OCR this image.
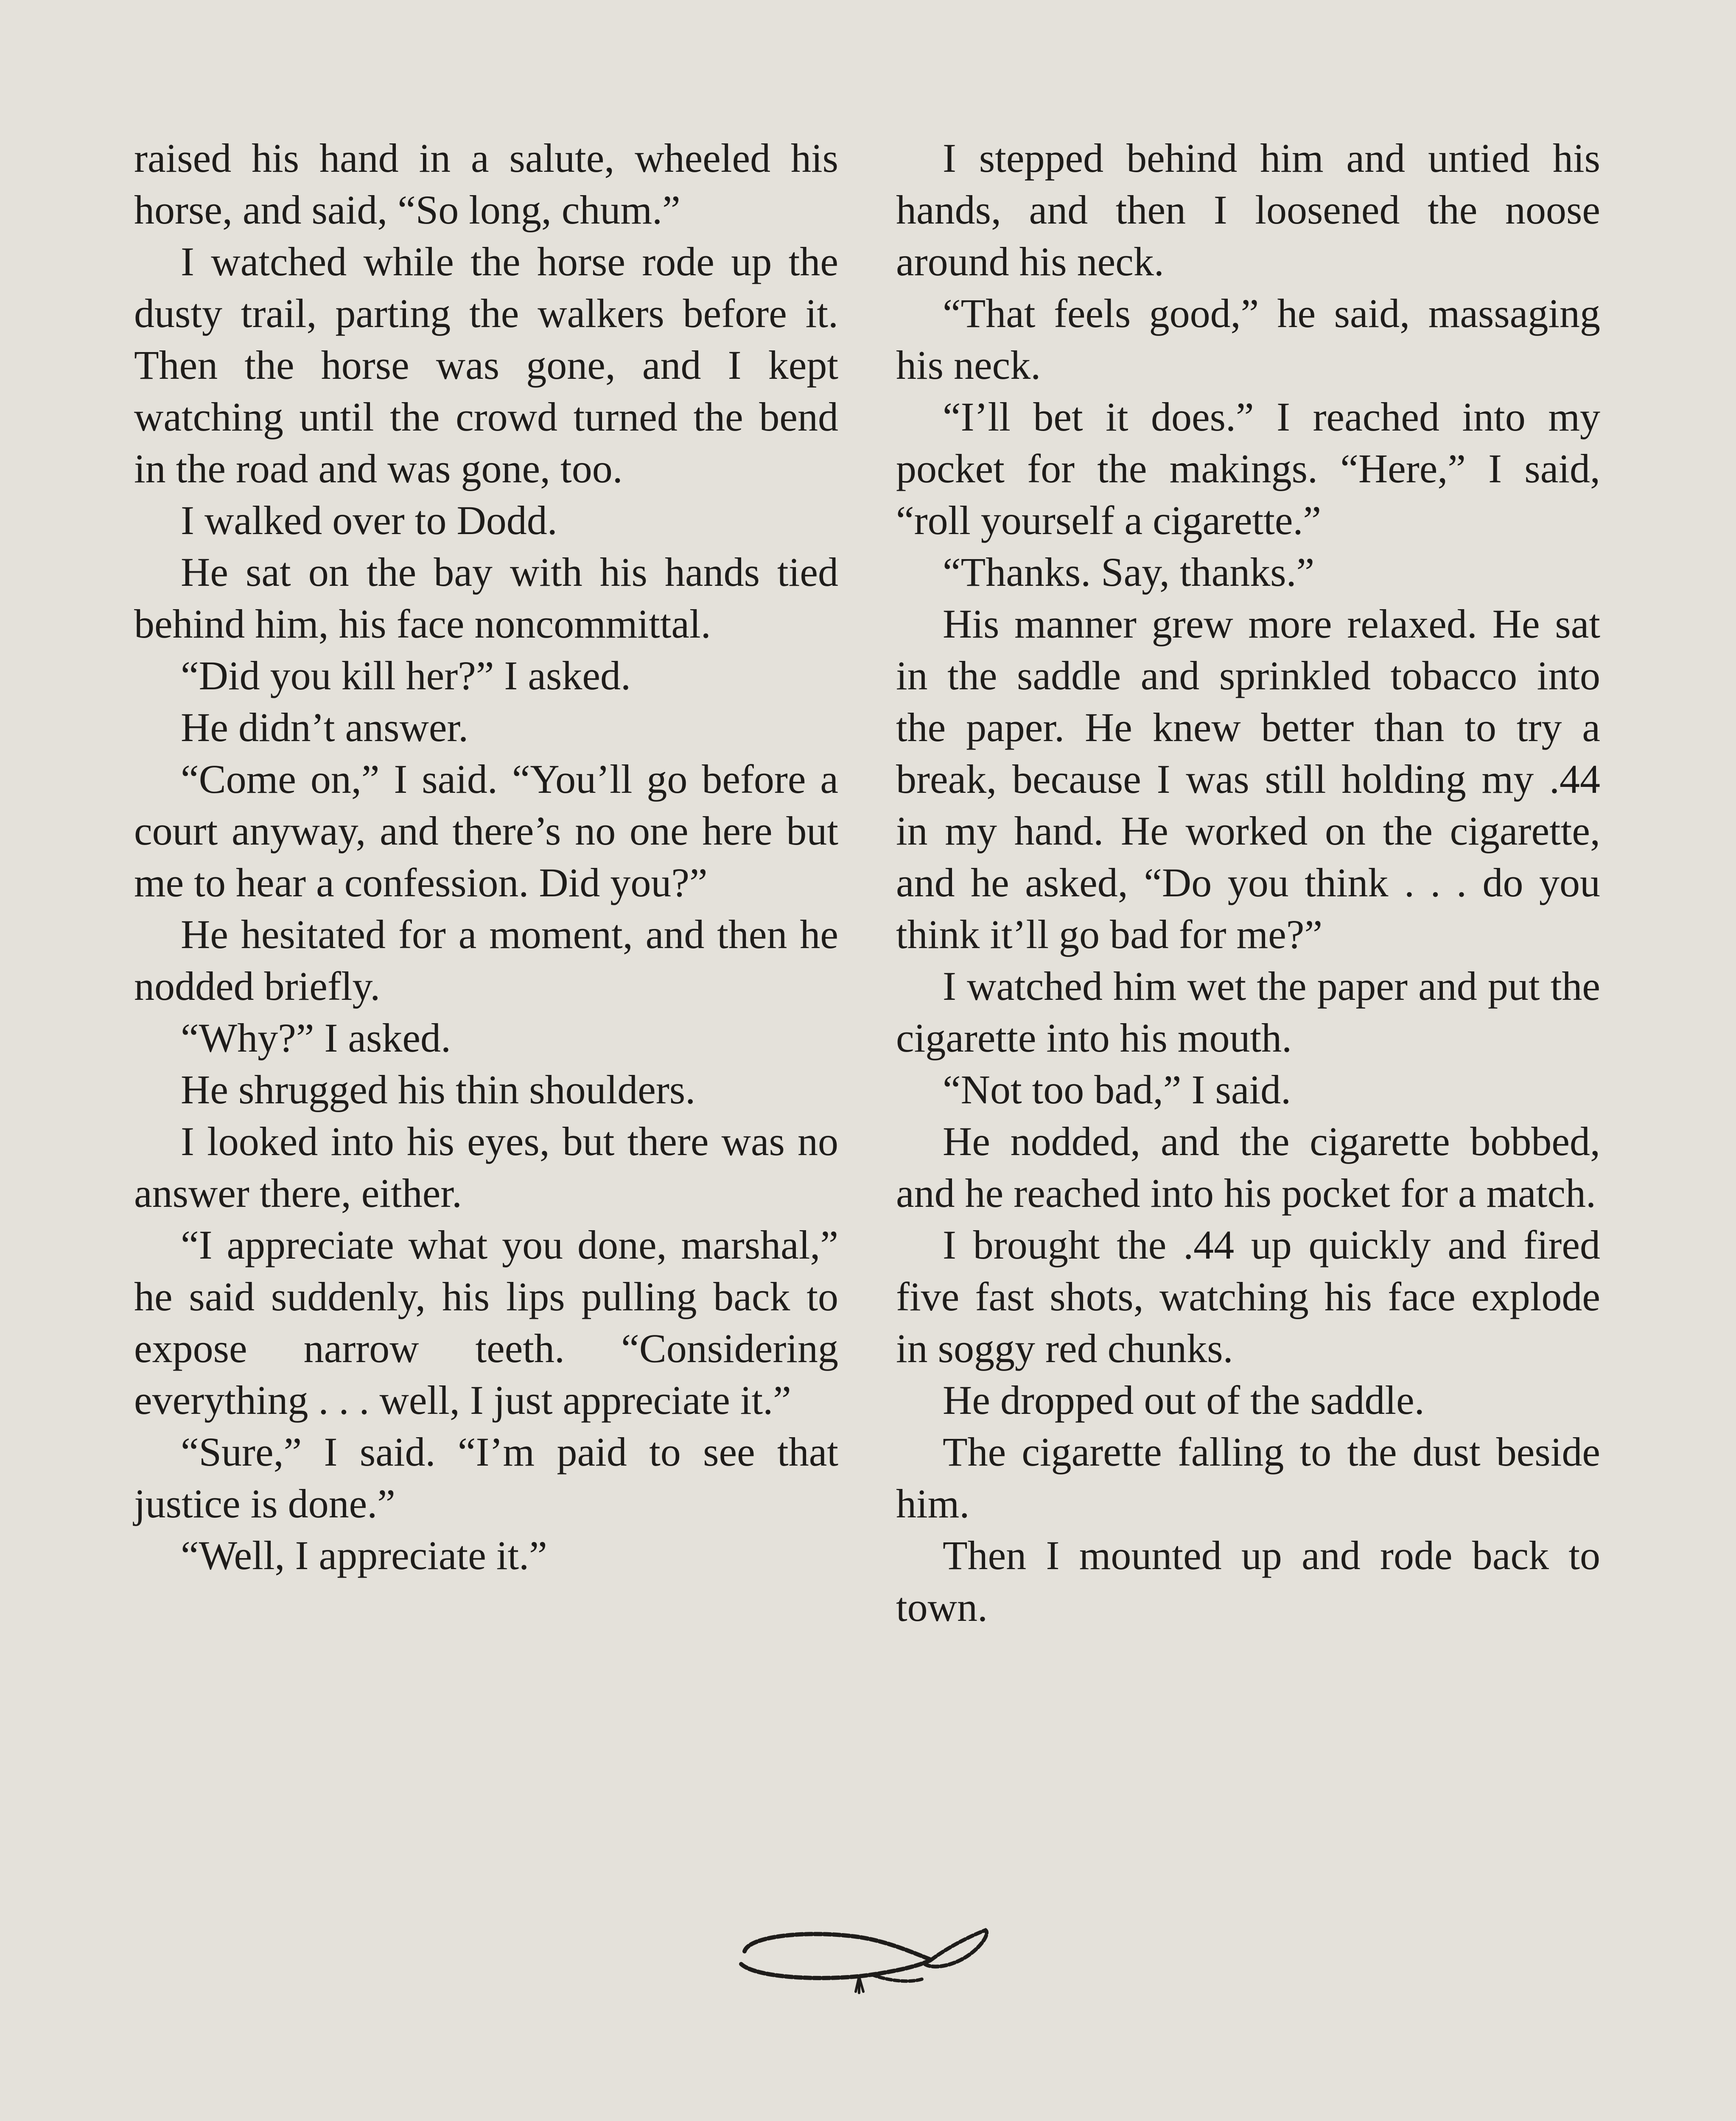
raised his hand in a salute, wheeled his horse, and said, “So long, chum.”

I watched while the horse rode up the dusty trail, parting the walkers before it. Then the horse was gone, and I kept watching until the crowd turned the bend in the road and was gone, too.

I walked over to Dodd.

He sat on the bay with his hands tied behind him, his face noncommittal.

“Did you kill her?” I asked.

He didn’t answer.

“Come on,” I said. “You’ll go before a court anyway, and there’s no one here but me to hear a confession. Did you?”

He hesitated for a moment, and then he nodded briefly.

“Why?” I asked.

He shrugged his thin shoulders.

I looked into his eyes, but there was no answer there, either.

“I appreciate what you done, marshal,” he said suddenly, his lips pulling back to expose narrow teeth. “Considering everything . . . well, I just appreciate it.”

“Sure,” I said. “I’m paid to see that justice is done.”

“Well, I appreciate it.”

I stepped behind him and untied his hands, and then I loosened the noose around his neck.

“That feels good,” he said, massaging his neck.

“I’ll bet it does.” I reached into my pocket for the makings. “Here,” I said, “roll yourself a cigarette.”

“Thanks. Say, thanks.”

His manner grew more relaxed. He sat in the saddle and sprinkled tobacco into the paper. He knew better than to try a break, because I was still holding my .44 in my hand. He worked on the cigarette, and he asked, “Do you think . . . do you think it’ll go bad for me?”

I watched him wet the paper and put the cigarette into his mouth.

“Not too bad,” I said.

He nodded, and the cigarette bobbed, and he reached into his pocket for a match.

I brought the .44 up quickly and fired five fast shots, watching his face explode in soggy red chunks.

He dropped out of the saddle.

The cigarette falling to the dust beside him.

Then I mounted up and rode back to town.
